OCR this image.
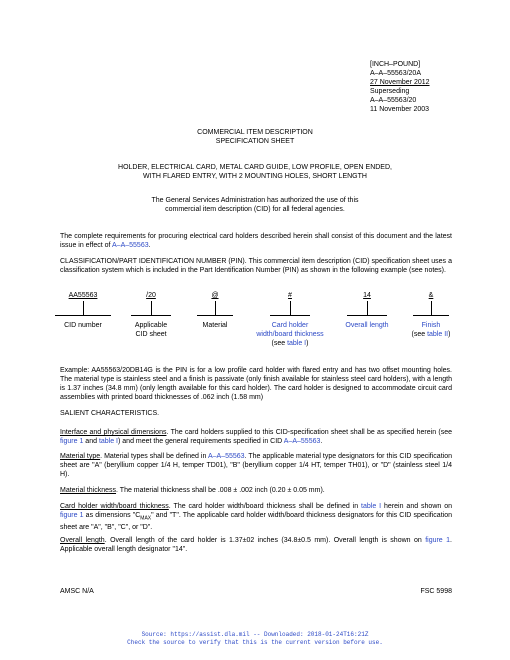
[INCH–POUND]
A–A–55563/20A
27 November 2012
Superseding
A–A–55563/20
11 November 2003
COMMERCIAL ITEM DESCRIPTION
SPECIFICATION SHEET
HOLDER, ELECTRICAL CARD, METAL CARD GUIDE, LOW PROFILE, OPEN ENDED,
WITH FLARED ENTRY, WITH 2 MOUNTING HOLES, SHORT LENGTH
The General Services Administration has authorized the use of this
commercial item description (CID) for all federal agencies.
The complete requirements for procuring electrical card holders described herein shall consist of this document and the latest issue in effect of A–A–55563.
CLASSIFICATION/PART IDENTIFICATION NUMBER (PIN). This commercial item description (CID) specification sheet uses a classification system which is included in the Part Identification Number (PIN) as shown in the following example (see notes).
AA55563
CID number
/20
Applicable
CID sheet
@
Material
#
Card holder
width/board thickness
(see table I)
14
Overall length
&
Finish
(see table II)
Example: AA55563/20DB14G is the PIN is for a low profile card holder with flared entry and has two offset mounting holes. The material type is stainless steel and a finish is passivate (only finish available for stainless steel card holders), with a length is 1.37 inches (34.8 mm) (only length available for this card holder). The card holder is designed to accommodate circuit card assemblies with printed board thicknesses of .062 inch (1.58 mm)
SALIENT CHARACTERISTICS.
Interface and physical dimensions. The card holders supplied to this CID-specification sheet shall be as specified herein (see figure 1 and table I) and meet the general requirements specified in CID A–A–55563.
Material type. Material types shall be defined in A–A–55563. The applicable material type designators for this CID specification sheet are "A" (beryllium copper 1/4 H, temper TD01), "B" (beryllium copper 1/4 HT, temper TH01), or "D" (stainless steel 1/4 H).
Material thickness. The material thickness shall be .008 ± .002 inch (0.20 ± 0.05 mm).
Card holder width/board thickness. The card holder width/board thickness shall be defined in table I herein and shown on figure 1 as dimensions "$C_{MAX}$" and "T". The applicable card holder width/board thickness designators for this CID specification sheet are "A", "B", "C", or "D".
Overall length. Overall length of the card holder is 1.37±02 inches (34.8±0.5 mm). Overall length is shown on figure 1. Applicable overall length designator "14".
AMSC N/A	FSC 5998
Source: https://assist.dla.mil -- Downloaded: 2018-01-24T16:21Z
Check the source to verify that this is the current version before use.
